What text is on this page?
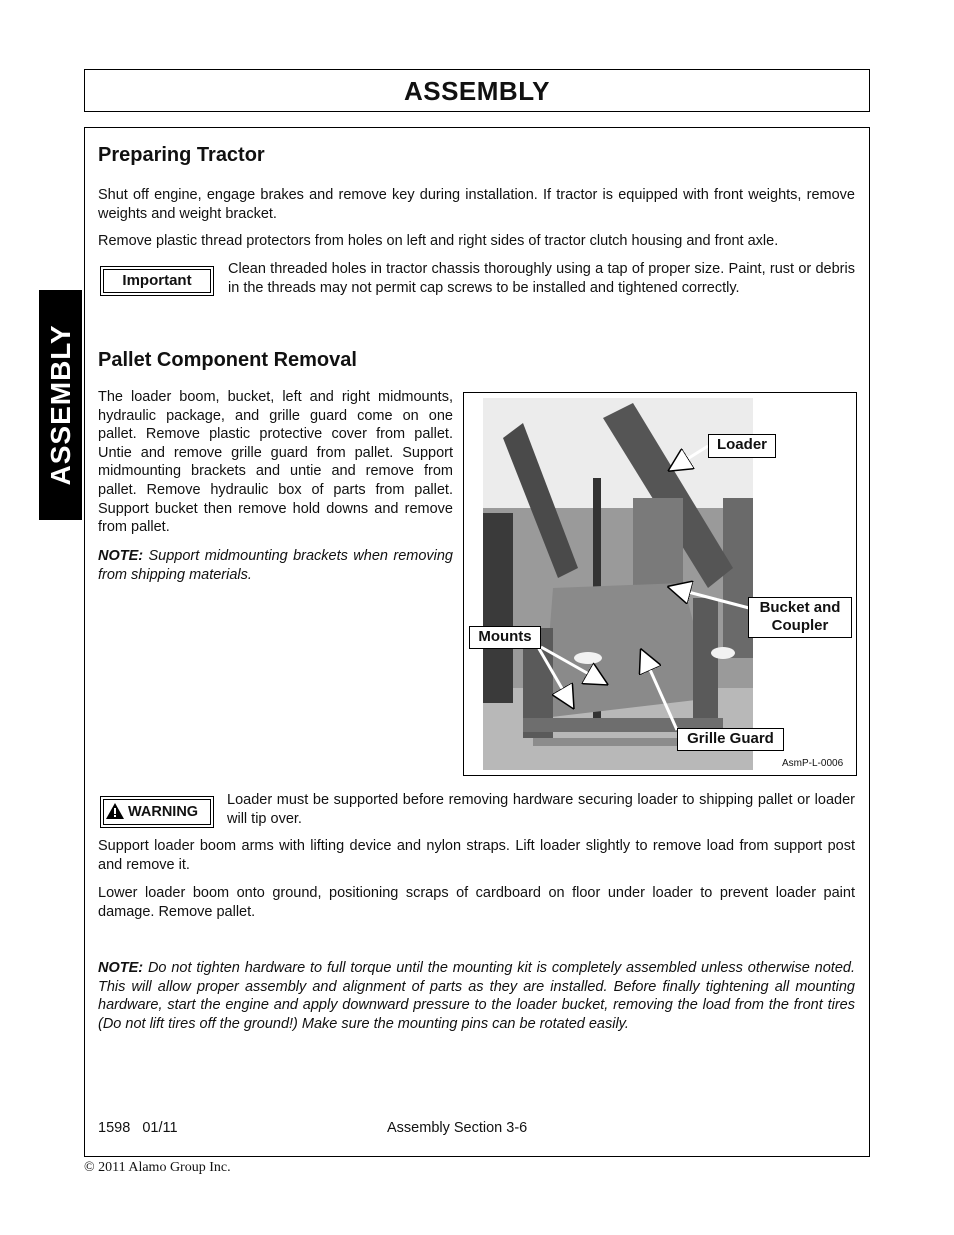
ASSEMBLY
ASSEMBLY
Preparing Tractor
Shut off engine, engage brakes and remove key during installation. If tractor is equipped with front weights, remove weights and weight bracket.
Remove plastic thread protectors from holes on left and right sides of tractor clutch housing and front axle.
Important
Clean threaded holes in tractor chassis thoroughly using a tap of proper size. Paint, rust or debris in the threads may not permit cap screws to be installed and tightened correctly.
Pallet Component Removal
The loader boom, bucket, left and right midmounts, hydraulic package, and grille guard come on one pallet. Remove plastic protective cover from pallet. Untie and remove grille guard from pallet. Support midmounting brackets and untie and remove from pallet. Remove hydraulic box of parts from pallet. Support bucket then remove hold downs and remove from pallet.
NOTE: Support midmounting brackets when removing from shipping materials.
Loader
Bucket and
Coupler
Mounts
Grille Guard
AsmP-L-0006
WARNING
Loader must be supported before removing hardware securing loader to shipping pallet or loader will tip over.
Support loader boom arms with lifting device and nylon straps. Lift loader slightly to remove load from support post and remove it.
Lower loader boom onto ground, positioning scraps of cardboard on floor under loader to prevent loader paint damage. Remove pallet.
NOTE: Do not tighten hardware to full torque until the mounting kit is completely assembled unless otherwise noted. This will allow proper assembly and alignment of parts as they are installed. Before finally tightening all mounting hardware, start the engine and apply downward pressure to the loader bucket, removing the load from the front tires (Do not lift tires off the ground!) Make sure the mounting pins can be rotated easily.
1598   01/11	Assembly Section 3-6
© 2011 Alamo Group Inc.
